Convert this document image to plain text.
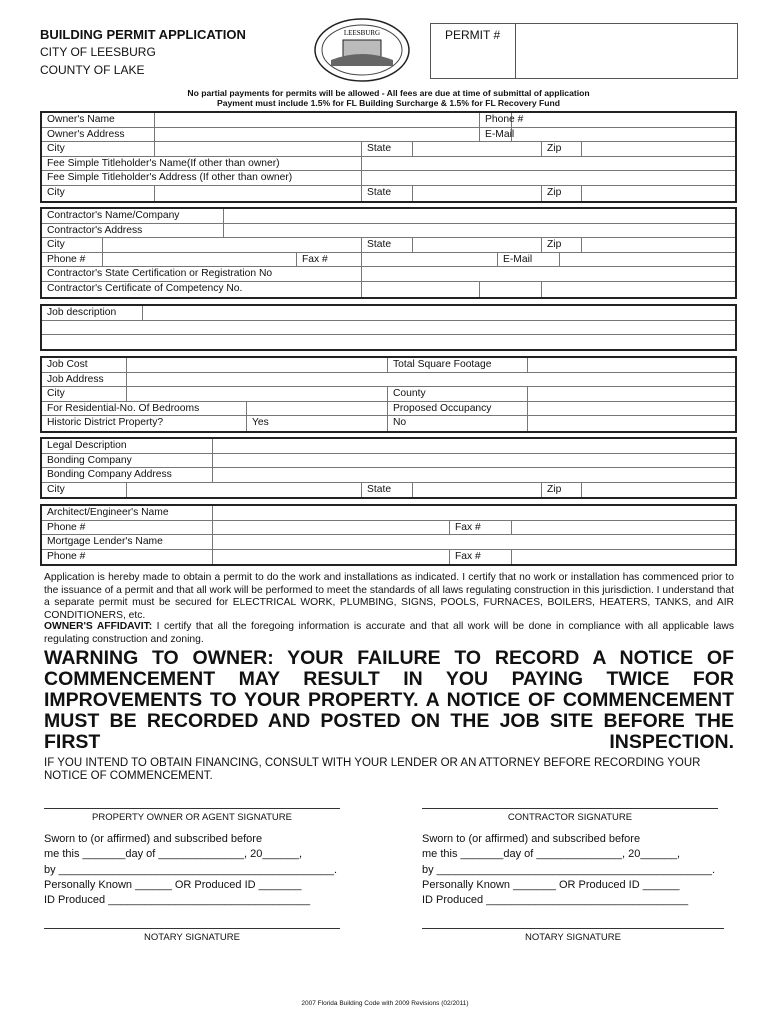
BUILDING PERMIT APPLICATION
CITY OF LEESBURG
COUNTY OF LAKE
LEESBURG	PERMIT #
No partial payments for permits will be allowed - All fees are due at time of submittal of application
Payment must include 1.5% for FL Building Surcharge & 1.5% for FL Recovery Fund
Owner's Name	Phone #
Owner's Address	E-Mail
City	State	Zip
Fee Simple Titleholder's Name(If other than owner)
Fee Simple Titleholder's Address (If other than owner)
City	State	Zip
Contractor's Name/Company
Contractor's Address
City	State	Zip
Phone #	Fax #	E-Mail
Contractor's State Certification or Registration No
Contractor's Certificate of Competency No.
Job description
Job Cost	Total Square Footage
Job Address
City	County
For Residential-No. Of Bedrooms	Proposed Occupancy
Historic District Property?	Yes	No
Legal Description
Bonding Company
Bonding Company Address
City	State	Zip
Architect/Engineer's Name
Phone #	Fax #
Mortgage Lender's Name
Phone #	Fax #
Application is hereby made to obtain a permit to do the work and installations as indicated. I certify that no work or installation has commenced prior to the issuance of a permit and that all work will be performed to meet the standards of all laws regulating construction in this jurisdiction. I understand that a separate permit must be secured for ELECTRICAL WORK, PLUMBING, SIGNS, POOLS, FURNACES, BOILERS, HEATERS, TANKS, and AIR CONDITIONERS, etc.
OWNER'S AFFIDAVIT: I certify that all the foregoing information is accurate and that all work will be done in compliance with all applicable laws regulating construction and zoning.
WARNING TO OWNER: YOUR FAILURE TO RECORD A NOTICE OF COMMENCEMENT MAY RESULT IN YOU PAYING TWICE FOR IMPROVEMENTS TO YOUR PROPERTY. A NOTICE OF COMMENCEMENT MUST BE RECORDED AND POSTED ON THE JOB SITE BEFORE THE FIRST INSPECTION.
IF YOU INTEND TO OBTAIN FINANCING, CONSULT WITH YOUR LENDER OR AN ATTORNEY BEFORE RECORDING YOUR NOTICE OF COMMENCEMENT.
PROPERTY OWNER OR AGENT SIGNATURE
Sworn to (or affirmed) and subscribed before
me this _______day of ______________, 20______,
by _____________________________________________.
Personally Known ______ OR Produced ID _______
ID Produced _________________________________
NOTARY SIGNATURE
CONTRACTOR SIGNATURE
Sworn to (or affirmed) and subscribed before
me this _______day of ______________, 20______,
by _____________________________________________.
Personally Known _______ OR Produced ID ______
ID Produced _________________________________
NOTARY SIGNATURE
2007 Florida Building Code with 2009 Revisions (02/2011)
